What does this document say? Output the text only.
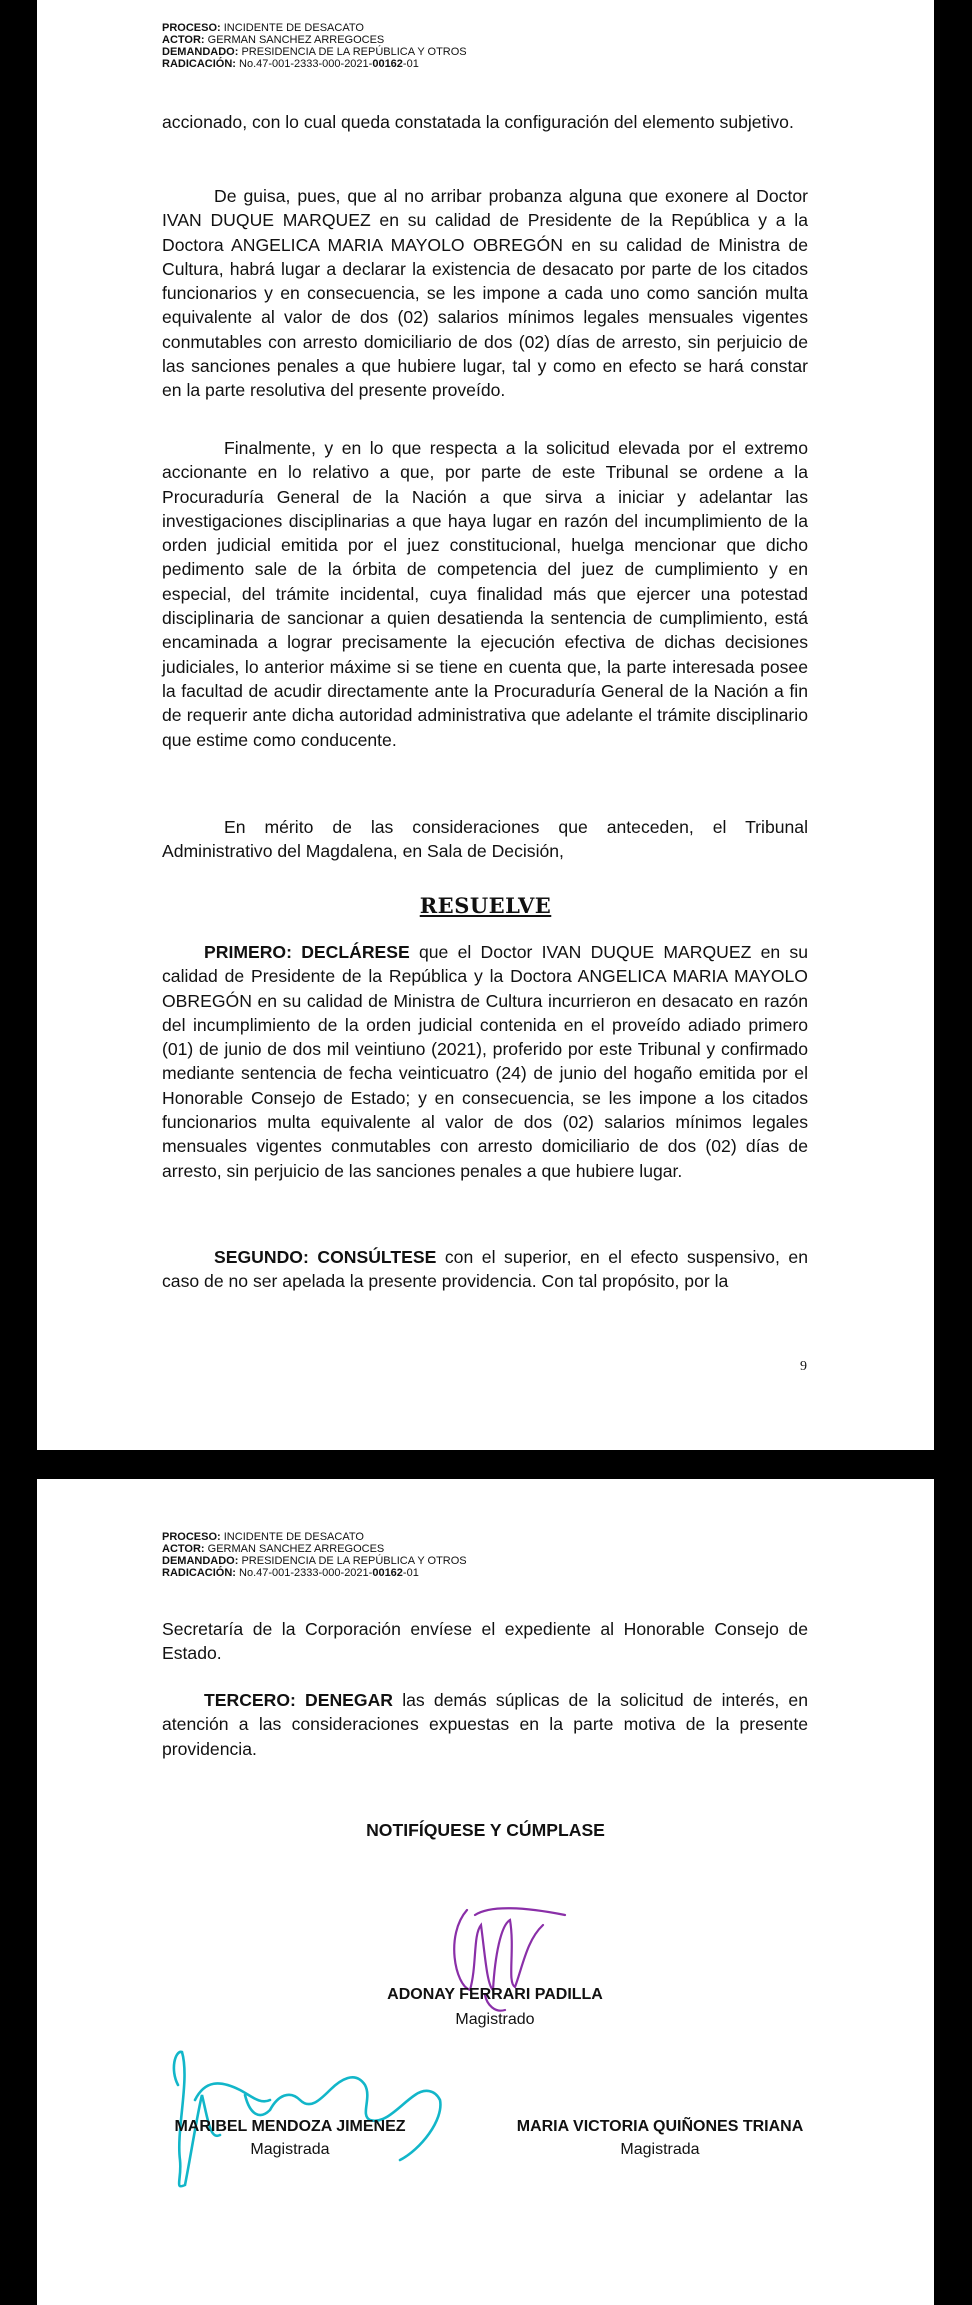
PROCESO: INCIDENTE DE DESACATO
ACTOR: GERMAN SANCHEZ ARREGOCES
DEMANDADO: PRESIDENCIA DE LA REPÚBLICA Y OTROS
RADICACIÓN: No.47-001-2333-000-2021-00162-01

accionado, con lo cual queda constatada la configuración del elemento subjetivo.

De guisa, pues, que al no arribar probanza alguna que exonere al Doctor IVAN DUQUE MARQUEZ en su calidad de Presidente de la República y a la Doctora ANGELICA MARIA MAYOLO OBREGÓN en su calidad de Ministra de Cultura, habrá lugar a declarar la existencia de desacato por parte de los citados funcionarios y en consecuencia, se les impone a cada uno como sanción multa equivalente al valor de dos (02) salarios mínimos legales mensuales vigentes conmutables con arresto domiciliario de dos (02) días de arresto, sin perjuicio de las sanciones penales a que hubiere lugar, tal y como en efecto se hará constar en la parte resolutiva del presente proveído.

Finalmente, y en lo que respecta a la solicitud elevada por el extremo accionante en lo relativo a que, por parte de este Tribunal se ordene a la Procuraduría General de la Nación a que sirva a iniciar y adelantar las investigaciones disciplinarias a que haya lugar en razón del incumplimiento de la orden judicial emitida por el juez constitucional, huelga mencionar que dicho pedimento sale de la órbita de competencia del juez de cumplimiento y en especial, del trámite incidental, cuya finalidad más que ejercer una potestad disciplinaria de sancionar a quien desatienda la sentencia de cumplimiento, está encaminada a lograr precisamente la ejecución efectiva de dichas decisiones judiciales, lo anterior máxime si se tiene en cuenta que, la parte interesada posee la facultad de acudir directamente ante la Procuraduría General de la Nación a fin de requerir ante dicha autoridad administrativa que adelante el trámite disciplinario que estime como conducente.

En mérito de las consideraciones que anteceden, el Tribunal Administrativo del Magdalena, en Sala de Decisión,

RESUELVE

PRIMERO: DECLÁRESE que el Doctor IVAN DUQUE MARQUEZ en su calidad de Presidente de la República y la Doctora ANGELICA MARIA MAYOLO OBREGÓN en su calidad de Ministra de Cultura incurrieron en desacato en razón del incumplimiento de la orden judicial contenida en el proveído adiado primero (01) de junio de dos mil veintiuno (2021), proferido por este Tribunal y confirmado mediante sentencia de fecha veinticuatro (24) de junio del hogaño emitida por el Honorable Consejo de Estado; y en consecuencia, se les impone a los citados funcionarios multa equivalente al valor de dos (02) salarios mínimos legales mensuales vigentes conmutables con arresto domiciliario de dos (02) días de arresto, sin perjuicio de las sanciones penales a que hubiere lugar.

SEGUNDO: CONSÚLTESE con el superior, en el efecto suspensivo, en caso de no ser apelada la presente providencia. Con tal propósito, por la

9
PROCESO: INCIDENTE DE DESACATO
ACTOR: GERMAN SANCHEZ ARREGOCES
DEMANDADO: PRESIDENCIA DE LA REPÚBLICA Y OTROS
RADICACIÓN: No.47-001-2333-000-2021-00162-01

Secretaría de la Corporación envíese el expediente al Honorable Consejo de Estado.

TERCERO: DENEGAR las demás súplicas de la solicitud de interés, en atención a las consideraciones expuestas en la parte motiva de la presente providencia.

NOTIFÍQUESE Y CÚMPLASE
ADONAY FERRARI PADILLA
Magistrado
MARIBEL MENDOZA JIMENEZ
Magistrada
MARIA VICTORIA QUIÑONES TRIANA
Magistrada
